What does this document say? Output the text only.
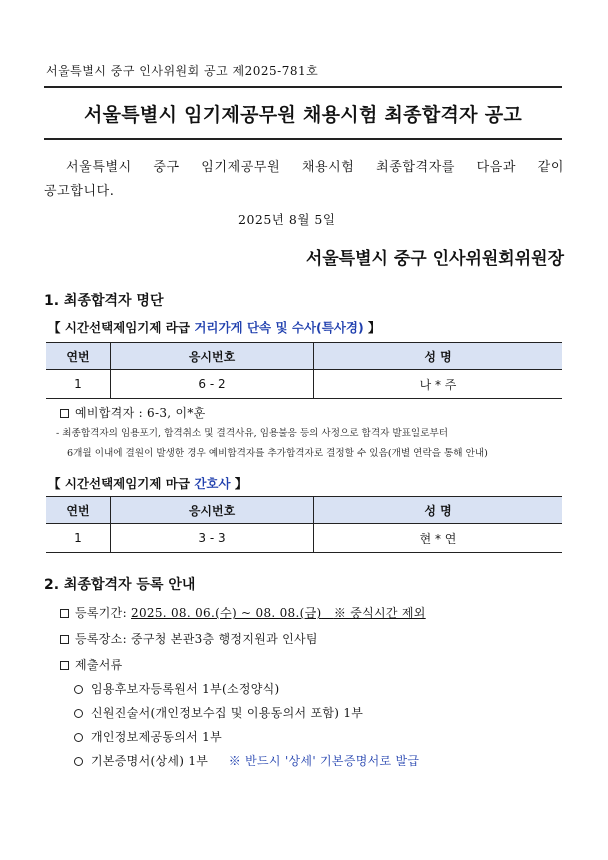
서울특별시 중구 인사위원회 공고 제2025-781호
서울특별시 임기제공무원 채용시험 최종합격자 공고
서울특별시 중구 임기제공무원 채용시험 최종합격자를 다음과 같이
공고합니다.
2025년 8월 5일
서울특별시 중구 인사위원회위원장
1. 최종합격자 명단
【 시간선택제임기제 라급 거리가게 단속 및 수사(특사경) 】
연번	응시번호	성 명
1	6 - 2	나 * 주
예비합격자 : 6-3, 이*훈
- 최종합격자의 임용포기, 합격취소 및 결격사유, 임용불응 등의 사정으로 합격자 발표일로부터
6개월 이내에 결원이 발생한 경우 예비합격자를 추가합격자로 결정할 수 있음(개별 연락을 통해 안내)
【 시간선택제임기제 마급 간호사 】
연번	응시번호	성 명
1	3 - 3	현 * 연
2. 최종합격자 등록 안내
등록기간: 2025. 08. 06.(수) ~ 08. 08.(금) ※ 중식시간 제외
등록장소: 중구청 본관3층 행정지원과 인사팀
제출서류
임용후보자등록원서 1부(소정양식)
신원진술서(개인정보수집 및 이용동의서 포함) 1부
개인정보제공동의서 1부
기본증명서(상세) 1부 ※ 반드시 '상세' 기본증명서로 발급
